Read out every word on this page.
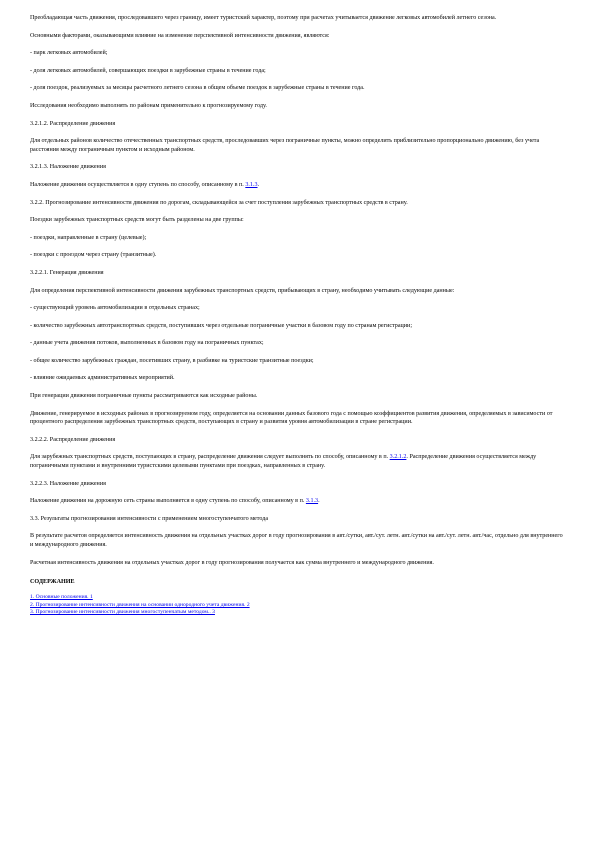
Преобладающая часть движения, проследовавшего через границу, имеет туристский характер, поэтому при расчетах учитывается движение легковых автомобилей летнего сезона.

Основными факторами, оказывающими влияние на изменение перспективной интенсивности движения, являются:

- парк легковых автомобилей;

- доля легковых автомобилей, совершающих поездки в зарубежные страны в течение года;

- доля поездок, реализуемых за месяцы расчетного летнего сезона в общем объеме поездок в зарубежные страны в течение года.

Исследования необходимо выполнять по районам применительно к прогнозируемому году.

3.2.1.2. Распределение движения

Для отдельных районов количество отечественных транспортных средств, проследовавших через пограничные пункты, можно определить приблизительно пропорционально движению, без учета расстояния между пограничным пунктом и исходным районом.

3.2.1.3. Наложение движения

Наложение движения осуществляется в одну ступень по способу, описанному в п. 3.1.3.

3.2.2. Прогнозирование интенсивности движения по дорогам, складывающейся за счет поступления зарубежных транспортных средств в страну.

Поездки зарубежных транспортных средств могут быть разделены на две группы:

- поездки, направленные в страну (целевые);

- поездки с проездом через страну (транзитные).

3.2.2.1. Генерация движения

Для определения перспективной интенсивности движения зарубежных транспортных средств, прибывающих в страну, необходимо учитывать следующие данные:

- существующий уровень автомобилизации в отдельных странах;

- количество зарубежных автотранспортных средств, поступивших через отдельные пограничные участки в базовом году по странам регистрации;

- данные учета движения потоков, выполненных в базовом году на пограничных пунктах;

- общее количество зарубежных граждан, посетивших страну, в разбивке на туристские транзитные поездки;

- влияние ожидаемых административных мероприятий.

При генерации движения пограничные пункты рассматриваются как исходные районы.

Движение, генерируемое в исходных районах в прогнозируемом году, определяется на основании данных базового года с помощью коэффициентов развития движения, определяемых в зависимости от процентного распределения зарубежных транспортных средств, поступающих в страну и развития уровня автомобилизации в стране регистрации.

3.2.2.2. Распределение движения

Для зарубежных транспортных средств, поступающих в страну, распределение движения следует выполнять по способу, описанному в п. 3.2.1.2. Распределение движения осуществляется между пограничными пунктами и внутренними туристскими целевыми пунктами при поездках, направленных в страну.

3.2.2.3. Наложение движения

Наложение движения на дорожную сеть страны выполняется в одну ступень по способу, описанному в п. 3.1.3.

3.3. Результаты прогнозирования интенсивности с применением многоступенчатого метода

В результате расчетов определяется интенсивность движения на отдельных участках дорог в году прогнозирования в авт./сутки, авт./сут. летн. авт./сутки на авт./сут. летн. авт./час, отдельно для внутреннего и международного движения.

Расчетная интенсивность движения на отдельных участках дорог в году прогнозирования получается как сумма внутреннего и международного движения.

СОДЕРЖАНИЕ
1. Основные положения. 1
2. Прогнозирование интенсивности движения на основании однородного учета движения. 2
3. Прогнозирование интенсивности движения многоступенчатым методом.. 3
